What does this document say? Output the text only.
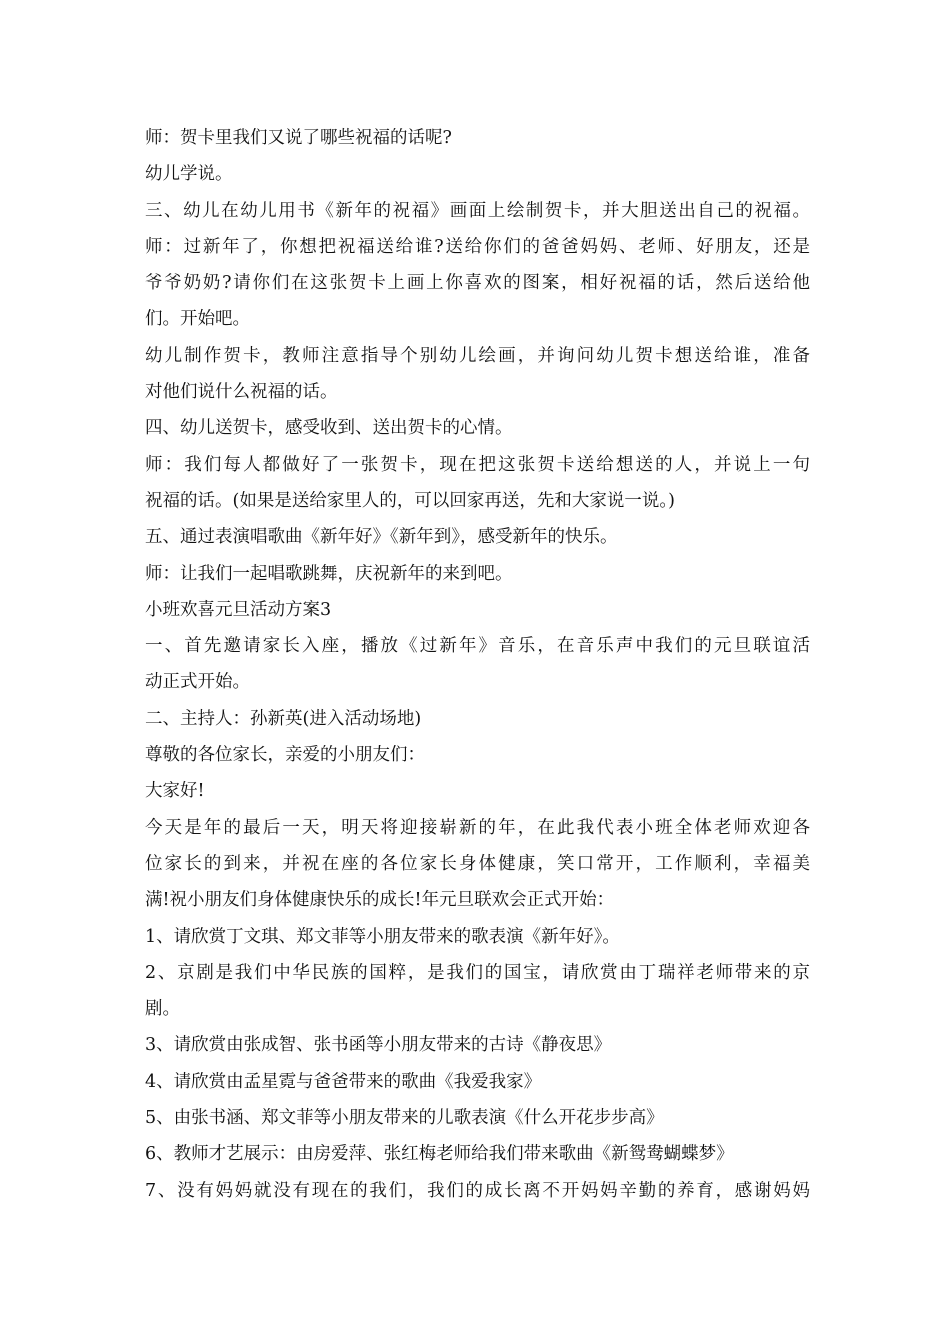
师：贺卡里我们又说了哪些祝福的话呢?
幼儿学说。
三、幼儿在幼儿用书《新年的祝福》画面上绘制贺卡，并大胆送出自己的祝福。
师：过新年了，你想把祝福送给谁?送给你们的爸爸妈妈、老师、好朋友，还是
爷爷奶奶?请你们在这张贺卡上画上你喜欢的图案，相好祝福的话，然后送给他
们。开始吧。
幼儿制作贺卡，教师注意指导个别幼儿绘画，并询问幼儿贺卡想送给谁，准备
对他们说什么祝福的话。
四、幼儿送贺卡，感受收到、送出贺卡的心情。
师：我们每人都做好了一张贺卡，现在把这张贺卡送给想送的人，并说上一句
祝福的话。(如果是送给家里人的，可以回家再送，先和大家说一说。)
五、通过表演唱歌曲《新年好》《新年到》，感受新年的快乐。
师：让我们一起唱歌跳舞，庆祝新年的来到吧。
小班欢喜元旦活动方案3
一、首先邀请家长入座，播放《过新年》音乐，在音乐声中我们的元旦联谊活
动正式开始。
二、主持人：孙新英(进入活动场地)
尊敬的各位家长，亲爱的小朋友们：
大家好!
今天是年的最后一天，明天将迎接崭新的年，在此我代表小班全体老师欢迎各
位家长的到来，并祝在座的各位家长身体健康，笑口常开，工作顺利，幸福美
满!祝小朋友们身体健康快乐的成长!年元旦联欢会正式开始：
1、请欣赏丁文琪、郑文菲等小朋友带来的歌表演《新年好》。
2、京剧是我们中华民族的国粹，是我们的国宝，请欣赏由丁瑞祥老师带来的京
剧。
3、请欣赏由张成智、张书函等小朋友带来的古诗《静夜思》
4、请欣赏由孟星霓与爸爸带来的歌曲《我爱我家》
5、由张书涵、郑文菲等小朋友带来的儿歌表演《什么开花步步高》
6、教师才艺展示：由房爱萍、张红梅老师给我们带来歌曲《新鸳鸯蝴蝶梦》
7、没有妈妈就没有现在的我们，我们的成长离不开妈妈辛勤的养育，感谢妈妈
